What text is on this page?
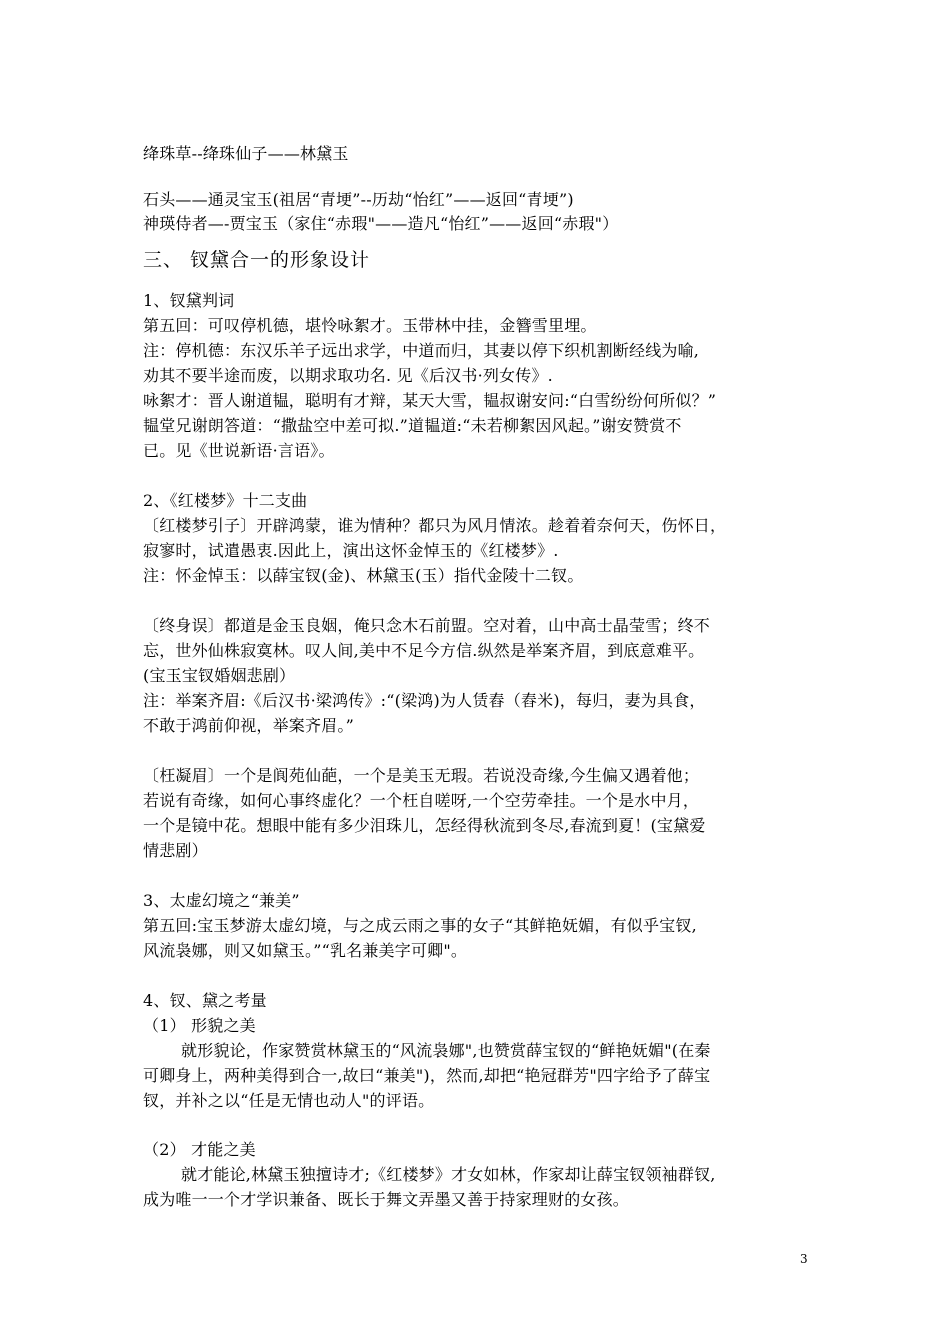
绛珠草--绛珠仙子——林黛玉
石头——通灵宝玉(祖居“青埂”--历劫“怡红”——返回“青埂”)
神瑛侍者—-贾宝玉（家住“赤瑕"——造凡“怡红”——返回“赤瑕"）
三、 钗黛合一的形象设计
1、钗黛判词
第五回：可叹停机德，堪怜咏絮才。玉带林中挂，金簪雪里埋。
注：停机德：东汉乐羊子远出求学，中道而归，其妻以停下织机割断经线为喻,
劝其不要半途而废，以期求取功名. 见《后汉书·列女传》.
咏絮才：晋人谢道韫，聪明有才辩，某天大雪，韫叔谢安问:“白雪纷纷何所似？”
韫堂兄谢朗答道：“撒盐空中差可拟.”道韫道:“未若柳絮因风起。”谢安赞赏不
已。见《世说新语·言语》。
2、《红楼梦》十二支曲
〔红楼梦引子〕开辟鸿蒙，谁为情种？都只为风月情浓。趁着着奈何天，伤怀日，
寂寥时，试遣愚衷.因此上，演出这怀金悼玉的《红楼梦》.
注：怀金悼玉：以薛宝钗(金)、林黛玉(玉）指代金陵十二钗。
〔终身误〕都道是金玉良姻，俺只念木石前盟。空对着，山中高士晶莹雪；终不
忘，世外仙株寂寞林。叹人间,美中不足今方信.纵然是举案齐眉，到底意难平。
(宝玉宝钗婚姻悲剧）
注：举案齐眉:《后汉书·梁鸿传》:“(梁鸿)为人赁舂（舂米)，每归，妻为具食，
不敢于鸿前仰视，举案齐眉。”
〔枉凝眉〕一个是阆苑仙葩，一个是美玉无瑕。若说没奇缘,今生偏又遇着他；
若说有奇缘，如何心事终虚化？一个枉自嗟呀,一个空劳牵挂。一个是水中月，
一个是镜中花。想眼中能有多少泪珠儿，怎经得秋流到冬尽,春流到夏！(宝黛爱
情悲剧）
3、太虚幻境之“兼美”
第五回:宝玉梦游太虚幻境，与之成云雨之事的女子“其鲜艳妩媚，有似乎宝钗,
风流袅娜，则又如黛玉。”“乳名兼美字可卿"。
4、钗、黛之考量
（1） 形貌之美
就形貌论，作家赞赏林黛玉的“风流袅娜",也赞赏薛宝钗的“鲜艳妩媚"(在秦
可卿身上，两种美得到合一,故曰“兼美")，然而,却把“艳冠群芳"四字给予了薛宝
钗，并补之以“任是无情也动人"的评语。
（2） 才能之美
就才能论,林黛玉独擅诗才;《红楼梦》才女如林，作家却让薛宝钗领袖群钗,
成为唯一一个才学识兼备、既长于舞文弄墨又善于持家理财的女孩。
3
